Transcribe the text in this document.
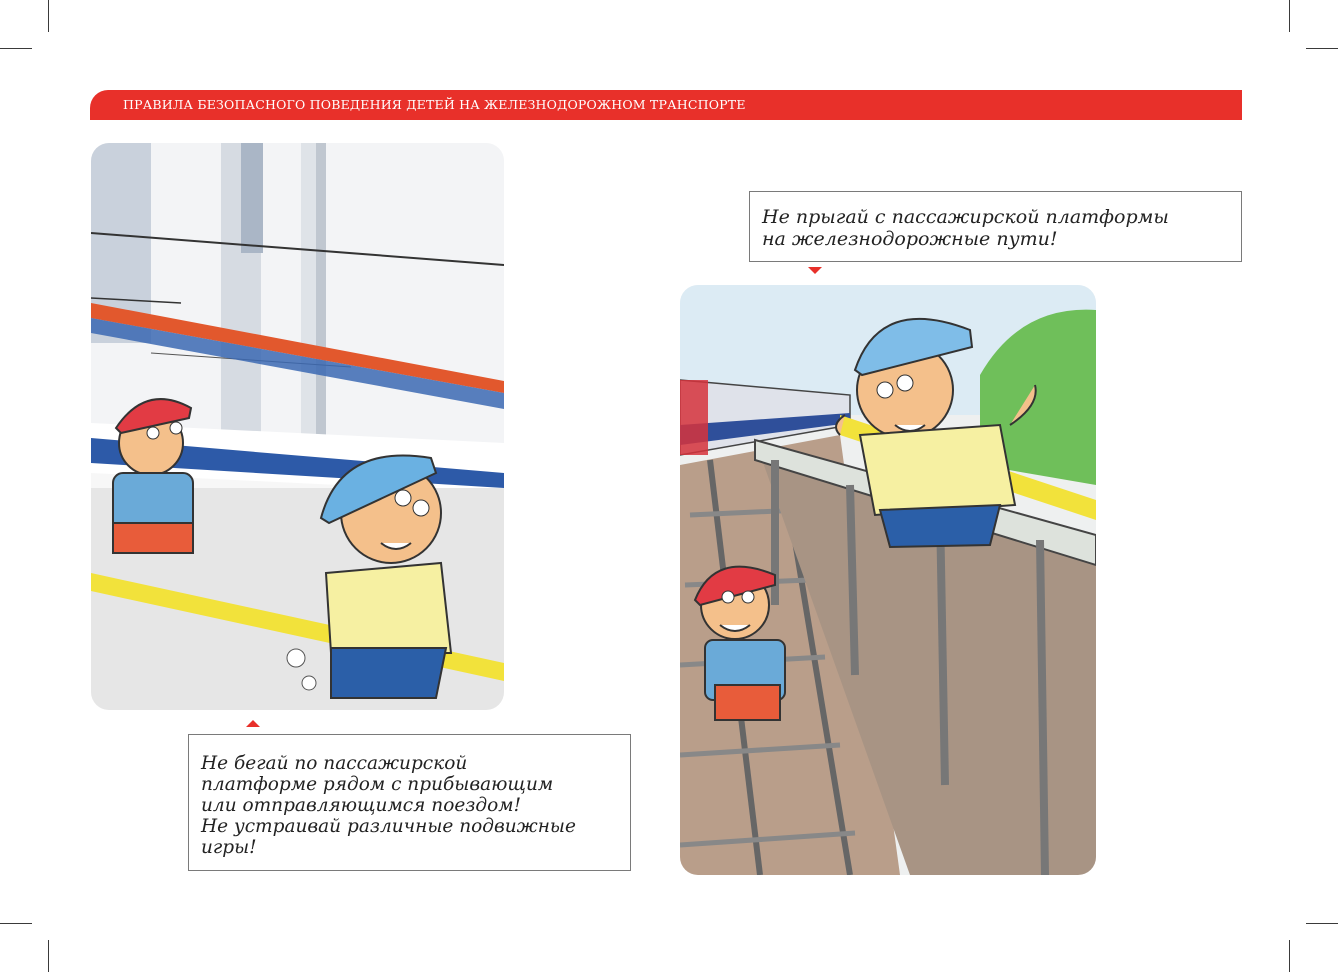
ПРАВИЛА БЕЗОПАСНОГО ПОВЕДЕНИЯ ДЕТЕЙ НА ЖЕЛЕЗНОДОРОЖНОМ ТРАНСПОРТЕ
Не бегай по пассажирской
платформе рядом с прибывающим
или отправляющимся поездом!
Не устраивай различные подвижные
игры!
Не прыгай с пассажирской платформы
на железнодорожные пути!
